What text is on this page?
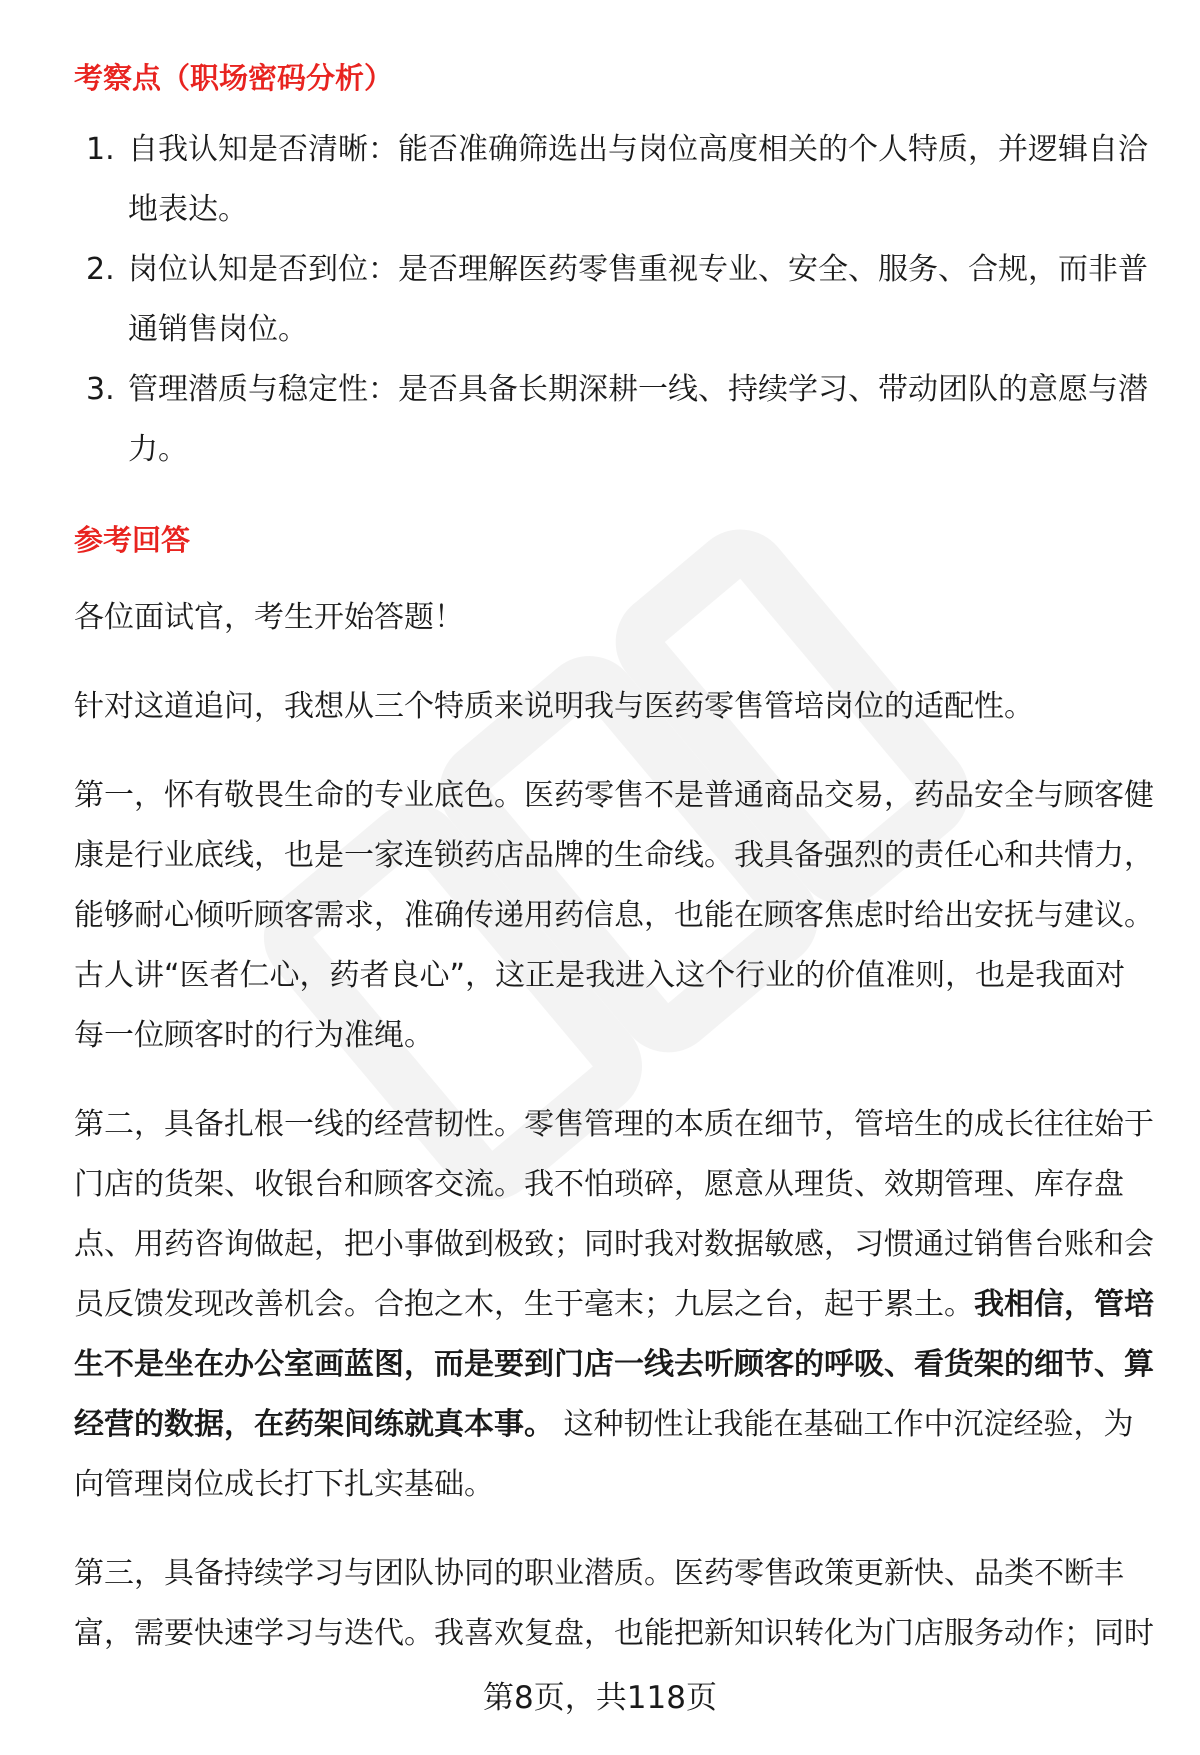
考察点（职场密码分析）
1. 自我认知是否清晰：能否准确筛选出与岗位高度相关的个人特质，并逻辑自洽地表达。
2. 岗位认知是否到位：是否理解医药零售重视专业、安全、服务、合规，而非普通销售岗位。
3. 管理潜质与稳定性：是否具备长期深耕一线、持续学习、带动团队的意愿与潜力。
参考回答

各位面试官，考生开始答题！

针对这道追问，我想从三个特质来说明我与医药零售管培岗位的适配性。

第一，怀有敬畏生命的专业底色。医药零售不是普通商品交易，药品安全与顾客健康是行业底线，也是一家连锁药店品牌的生命线。我具备强烈的责任心和共情力，能够耐心倾听顾客需求，准确传递用药信息，也能在顾客焦虑时给出安抚与建议。古人讲“医者仁心，药者良心”，这正是我进入这个行业的价值准则，也是我面对每一位顾客时的行为准绳。

第二，具备扎根一线的经营韧性。零售管理的本质在细节，管培生的成长往往始于门店的货架、收银台和顾客交流。我不怕琐碎，愿意从理货、效期管理、库存盘点、用药咨询做起，把小事做到极致；同时我对数据敏感，习惯通过销售台账和会员反馈发现改善机会。合抱之木，生于毫末；九层之台，起于累土。我相信，管培生不是坐在办公室画蓝图，而是要到门店一线去听顾客的呼吸、看货架的细节、算经营的数据，在药架间练就真本事。 这种韧性让我能在基础工作中沉淀经验，为向管理岗位成长打下扎实基础。

第三，具备持续学习与团队协同的职业潜质。医药零售政策更新快、品类不断丰富，需要快速学习与迭代。我喜欢复盘，也能把新知识转化为门店服务动作；同时

第8页，共118页
